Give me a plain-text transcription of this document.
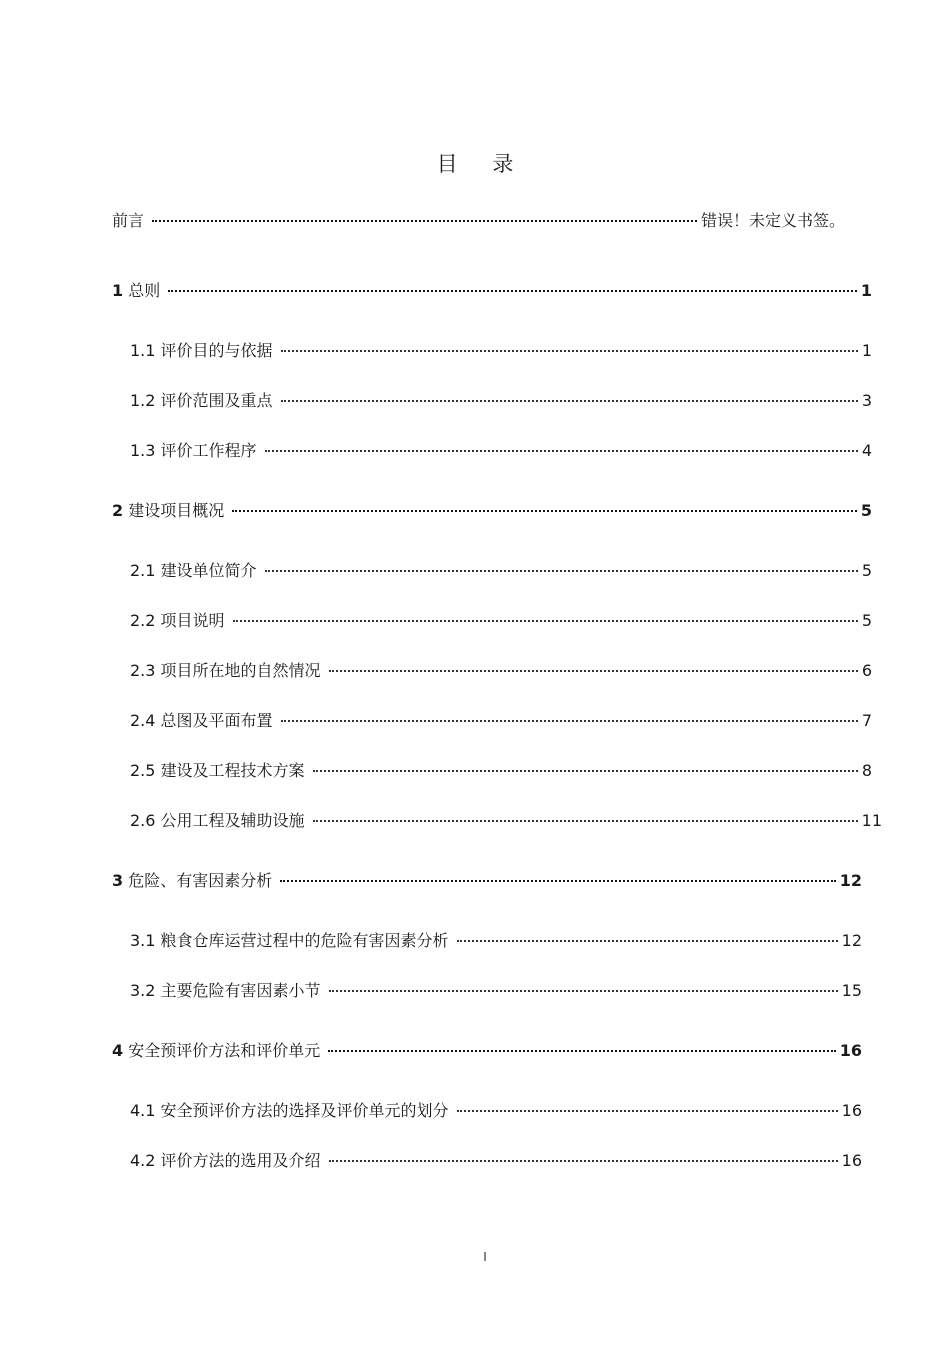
目 录
前言	错误！未定义书签。
1 总则	1
1.1 评价目的与依据	1
1.2 评价范围及重点	3
1.3 评价工作程序	4
2 建设项目概况	5
2.1 建设单位简介	5
2.2 项目说明	5
2.3 项目所在地的自然情况	6
2.4 总图及平面布置	7
2.5 建设及工程技术方案	8
2.6 公用工程及辅助设施	11
3 危险、有害因素分析	12
3.1 粮食仓库运营过程中的危险有害因素分析	12
3.2 主要危险有害因素小节	15
4 安全预评价方法和评价单元	16
4.1 安全预评价方法的选择及评价单元的划分	16
4.2 评价方法的选用及介绍	16
I
